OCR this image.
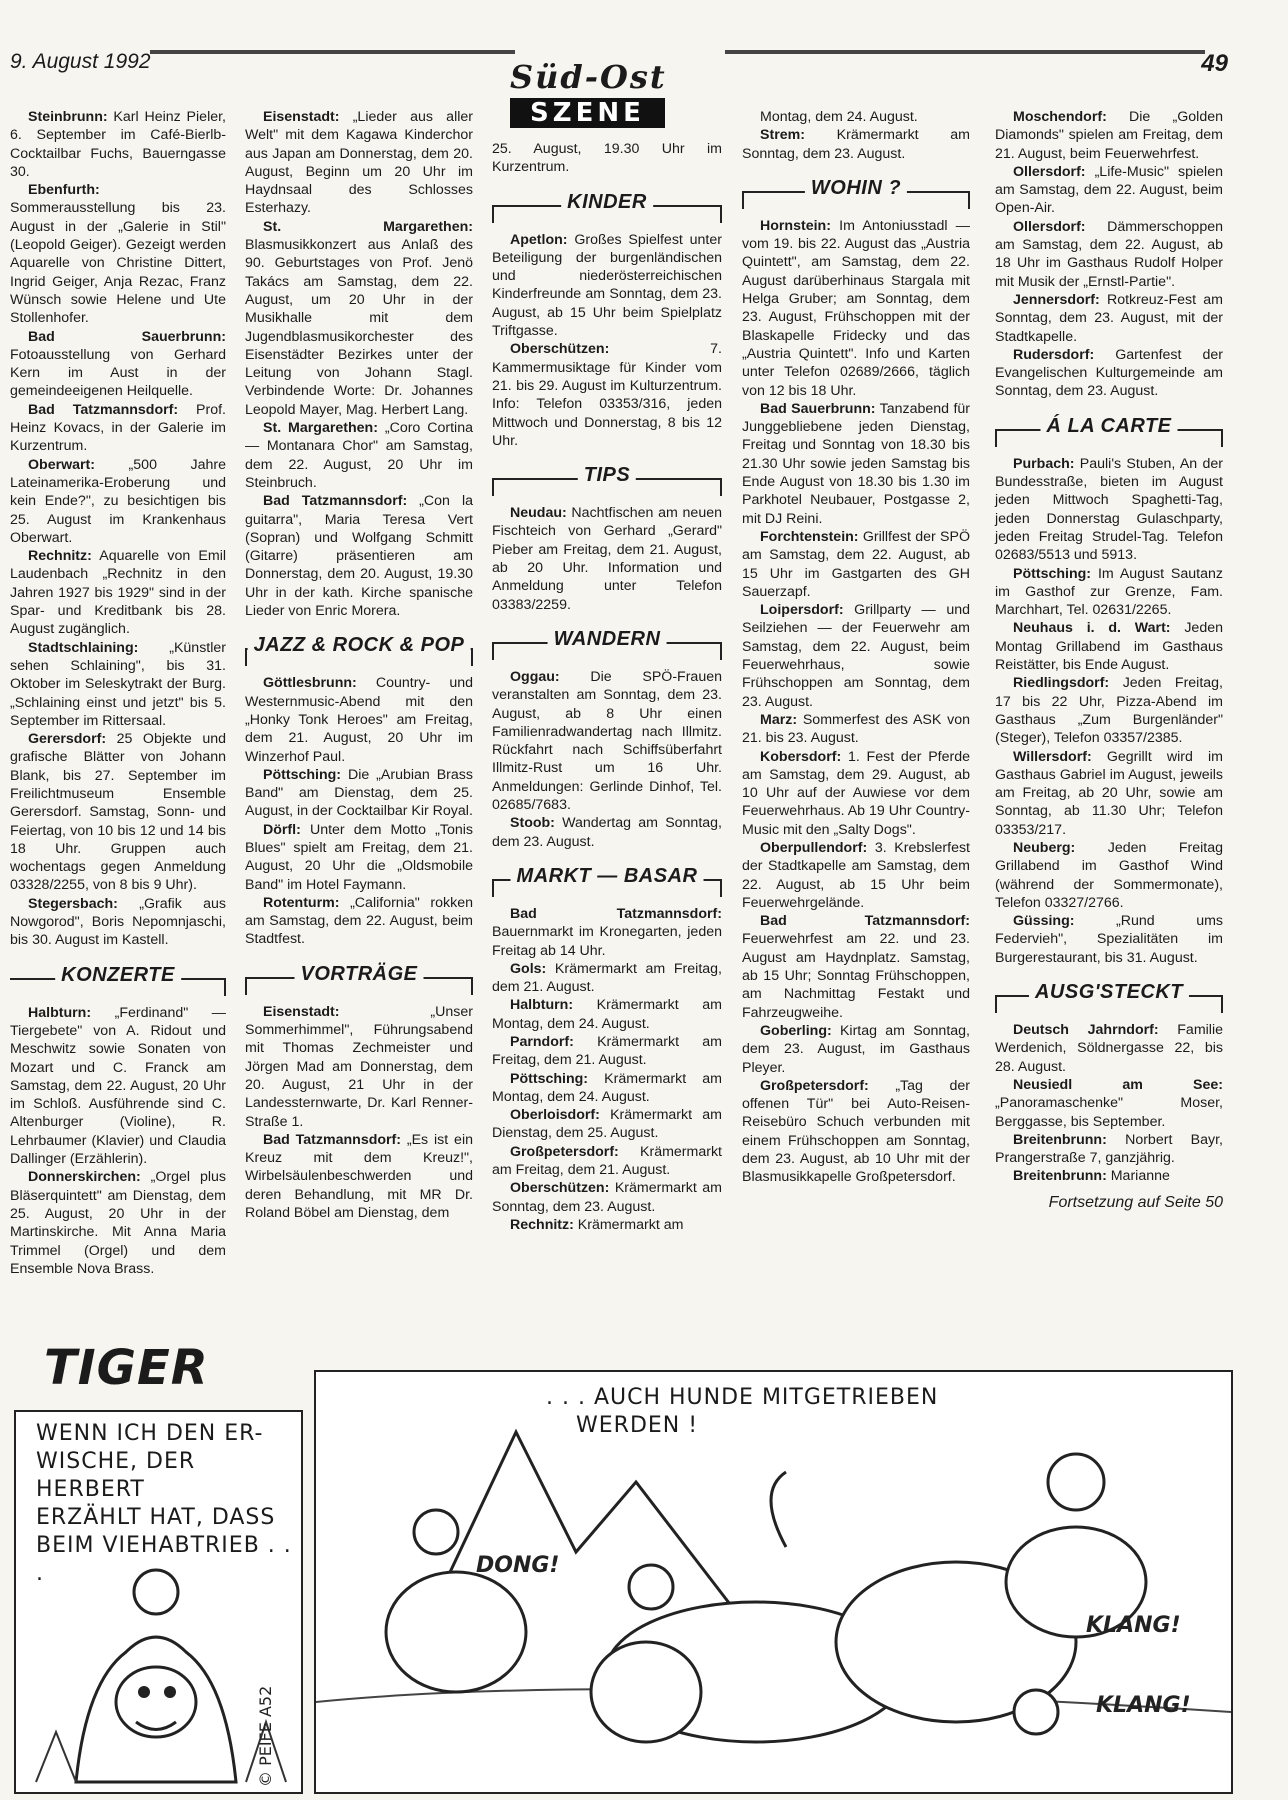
9. August 1992	49
Süd-Ost
SZENE

Steinbrunn: Karl Heinz Pieler, 6. September im Café-Bierlb-Cocktailbar Fuchs, Bauerngasse 30.

Ebenfurth: Sommerausstellung bis 23. August in der „Galerie in Stil" (Leopold Geiger). Gezeigt werden Aquarelle von Christine Dittert, Ingrid Geiger, Anja Rezac, Franz Wünsch sowie Helene und Ute Stollenhofer.

Bad Sauerbrunn: Fotoausstellung von Gerhard Kern im Aust in der gemeindeeigenen Heilquelle.

Bad Tatzmannsdorf: Prof. Heinz Kovacs, in der Galerie im Kurzentrum.

Oberwart: „500 Jahre Lateinamerika-Eroberung und kein Ende?", zu besichtigen bis 25. August im Krankenhaus Oberwart.

Rechnitz: Aquarelle von Emil Laudenbach „Rechnitz in den Jahren 1927 bis 1929" sind in der Spar- und Kreditbank bis 28. August zugänglich.

Stadtschlaining: „Künstler sehen Schlaining", bis 31. Oktober im Seleskytrakt der Burg. „Schlaining einst und jetzt" bis 5. September im Rittersaal.

Gerersdorf: 25 Objekte und grafische Blätter von Johann Blank, bis 27. September im Freilichtmuseum Ensemble Gerersdorf. Samstag, Sonn- und Feiertag, von 10 bis 12 und 14 bis 18 Uhr. Gruppen auch wochentags gegen Anmeldung 03328/2255, von 8 bis 9 Uhr).

Stegersbach: „Grafik aus Nowgorod", Boris Nepomnjaschi, bis 30. August im Kastell.

KONZERTE

Halbturn: „Ferdinand" — Tiergebete" von A. Ridout und Meschwitz sowie Sonaten von Mozart und C. Franck am Samstag, dem 22. August, 20 Uhr im Schloß. Ausführende sind C. Altenburger (Violine), R. Lehrbaumer (Klavier) und Claudia Dallinger (Erzählerin).

Donnerskirchen: „Orgel plus Bläserquintett" am Dienstag, dem 25. August, 20 Uhr in der Martinskirche. Mit Anna Maria Trimmel (Orgel) und dem Ensemble Nova Brass.

Eisenstadt: „Lieder aus aller Welt" mit dem Kagawa Kinderchor aus Japan am Donnerstag, dem 20. August, Beginn um 20 Uhr im Haydnsaal des Schlosses Esterhazy.

St. Margarethen: Blasmusikkonzert aus Anlaß des 90. Geburtstages von Prof. Jenö Takács am Samstag, dem 22. August, um 20 Uhr in der Musikhalle mit dem Jugendblasmusikorchester des Eisenstädter Bezirkes unter der Leitung von Johann Stagl. Verbindende Worte: Dr. Johannes Leopold Mayer, Mag. Herbert Lang.

St. Margarethen: „Coro Cortina — Montanara Chor" am Samstag, dem 22. August, 20 Uhr im Steinbruch.

Bad Tatzmannsdorf: „Con la guitarra", Maria Teresa Vert (Sopran) und Wolfgang Schmitt (Gitarre) präsentieren am Donnerstag, dem 20. August, 19.30 Uhr in der kath. Kirche spanische Lieder von Enric Morera.

JAZZ & ROCK & POP

Göttlesbrunn: Country- und Westernmusic-Abend mit den „Honky Tonk Heroes" am Freitag, dem 21. August, 20 Uhr im Winzerhof Paul.

Pöttsching: Die „Arubian Brass Band" am Dienstag, dem 25. August, in der Cocktailbar Kir Royal.

Dörfl: Unter dem Motto „Tonis Blues" spielt am Freitag, dem 21. August, 20 Uhr die „Oldsmobile Band" im Hotel Faymann.

Rotenturm: „California" rokken am Samstag, dem 22. August, beim Stadtfest.

VORTRÄGE

Eisenstadt: „Unser Sommerhimmel", Führungsabend mit Thomas Zechmeister und Jörgen Mad am Donnerstag, dem 20. August, 21 Uhr in der Landessternwarte, Dr. Karl Renner-Straße 1.

Bad Tatzmannsdorf: „Es ist ein Kreuz mit dem Kreuz!", Wirbelsäulenbeschwerden und deren Behandlung, mit MR Dr. Roland Böbel am Dienstag, dem

25. August, 19.30 Uhr im Kurzentrum.

KINDER

Apetlon: Großes Spielfest unter Beteiligung der burgenländischen und niederösterreichischen Kinderfreunde am Sonntag, dem 23. August, ab 15 Uhr beim Spielplatz Triftgasse.

Oberschützen: 7. Kammermusiktage für Kinder vom 21. bis 29. August im Kulturzentrum. Info: Telefon 03353/316, jeden Mittwoch und Donnerstag, 8 bis 12 Uhr.

TIPS

Neudau: Nachtfischen am neuen Fischteich von Gerhard „Gerard" Pieber am Freitag, dem 21. August, ab 20 Uhr. Information und Anmeldung unter Telefon 03383/2259.

WANDERN

Oggau: Die SPÖ-Frauen veranstalten am Sonntag, dem 23. August, ab 8 Uhr einen Familienradwandertag nach Illmitz. Rückfahrt nach Schiffsüberfahrt Illmitz-Rust um 16 Uhr. Anmeldungen: Gerlinde Dinhof, Tel. 02685/7683.

Stoob: Wandertag am Sonntag, dem 23. August.

MARKT — BASAR

Bad Tatzmannsdorf: Bauernmarkt im Kronegarten, jeden Freitag ab 14 Uhr.

Gols: Krämermarkt am Freitag, dem 21. August.

Halbturn: Krämermarkt am Montag, dem 24. August.

Parndorf: Krämermarkt am Freitag, dem 21. August.

Pöttsching: Krämermarkt am Montag, dem 24. August.

Oberloisdorf: Krämermarkt am Dienstag, dem 25. August.

Großpetersdorf: Krämermarkt am Freitag, dem 21. August.

Oberschützen: Krämermarkt am Sonntag, dem 23. August.

Rechnitz: Krämermarkt am

Montag, dem 24. August.

Strem: Krämermarkt am Sonntag, dem 23. August.

WOHIN ?

Hornstein: Im Antoniusstadl — vom 19. bis 22. August das „Austria Quintett", am Samstag, dem 22. August darüberhinaus Stargala mit Helga Gruber; am Sonntag, dem 23. August, Frühschoppen mit der Blaskapelle Fridecky und das „Austria Quintett". Info und Karten unter Telefon 02689/2666, täglich von 12 bis 18 Uhr.

Bad Sauerbrunn: Tanzabend für Junggebliebene jeden Dienstag, Freitag und Sonntag von 18.30 bis 21.30 Uhr sowie jeden Samstag bis Ende August von 18.30 bis 1.30 im Parkhotel Neubauer, Postgasse 2, mit DJ Reini.

Forchtenstein: Grillfest der SPÖ am Samstag, dem 22. August, ab 15 Uhr im Gastgarten des GH Sauerzapf.

Loipersdorf: Grillparty — und Seilziehen — der Feuerwehr am Samstag, dem 22. August, beim Feuerwehrhaus, sowie Frühschoppen am Sonntag, dem 23. August.

Marz: Sommerfest des ASK von 21. bis 23. August.

Kobersdorf: 1. Fest der Pferde am Samstag, dem 29. August, ab 10 Uhr auf der Auwiese vor dem Feuerwehrhaus. Ab 19 Uhr Country-Music mit den „Salty Dogs".

Oberpullendorf: 3. Krebslerfest der Stadtkapelle am Samstag, dem 22. August, ab 15 Uhr beim Feuerwehrgelände.

Bad Tatzmannsdorf: Feuerwehrfest am 22. und 23. August am Haydnplatz. Samstag, ab 15 Uhr; Sonntag Frühschoppen, am Nachmittag Festakt und Fahrzeugweihe.

Goberling: Kirtag am Sonntag, dem 23. August, im Gasthaus Pleyer.

Großpetersdorf: „Tag der offenen Tür" bei Auto-Reisen-Reisebüro Schuch verbunden mit einem Frühschoppen am Sonntag, dem 23. August, ab 10 Uhr mit der Blasmusikkapelle Großpetersdorf.

Moschendorf: Die „Golden Diamonds" spielen am Freitag, dem 21. August, beim Feuerwehrfest.

Ollersdorf: „Life-Music" spielen am Samstag, dem 22. August, beim Open-Air.

Ollersdorf: Dämmerschoppen am Samstag, dem 22. August, ab 18 Uhr im Gasthaus Rudolf Holper mit Musik der „Ernstl-Partie".

Jennersdorf: Rotkreuz-Fest am Sonntag, dem 23. August, mit der Stadtkapelle.

Rudersdorf: Gartenfest der Evangelischen Kulturgemeinde am Sonntag, dem 23. August.

Á LA CARTE

Purbach: Pauli's Stuben, An der Bundesstraße, bieten im August jeden Mittwoch Spaghetti-Tag, jeden Donnerstag Gulaschparty, jeden Freitag Strudel-Tag. Telefon 02683/5513 und 5913.

Pöttsching: Im August Sautanz im Gasthof zur Grenze, Fam. Marchhart, Tel. 02631/2265.

Neuhaus i. d. Wart: Jeden Montag Grillabend im Gasthaus Reistätter, bis Ende August.

Riedlingsdorf: Jeden Freitag, 17 bis 22 Uhr, Pizza-Abend im Gasthaus „Zum Burgenländer" (Steger), Telefon 03357/2385.

Willersdorf: Gegrillt wird im Gasthaus Gabriel im August, jeweils am Freitag, ab 20 Uhr, sowie am Sonntag, ab 11.30 Uhr; Telefon 03353/217.

Neuberg: Jeden Freitag Grillabend im Gasthof Wind (während der Sommermonate), Telefon 03327/2766.

Güssing: „Rund ums Federvieh", Spezialitäten im Burgerestaurant, bis 31. August.

AUSG'STECKT

Deutsch Jahrndorf: Familie Werdenich, Söldnergasse 22, bis 28. August.

Neusiedl am See: „Panoramaschenke" Moser, Berggasse, bis September.

Breitenbrunn: Norbert Bayr, Prangerstraße 7, ganzjährig.

Breitenbrunn: Marianne

Fortsetzung auf Seite 50
TIGER
WENN ICH DEN ER-
WISCHE, DER HERBERT
ERZÄHLT HAT, DASS
BEIM VIEHABTRIEB . . .
© PEIFE A52
. . . AUCH HUNDE MITGETRIEBEN
WERDEN !
DONG!
KLANG!
KLANG!
